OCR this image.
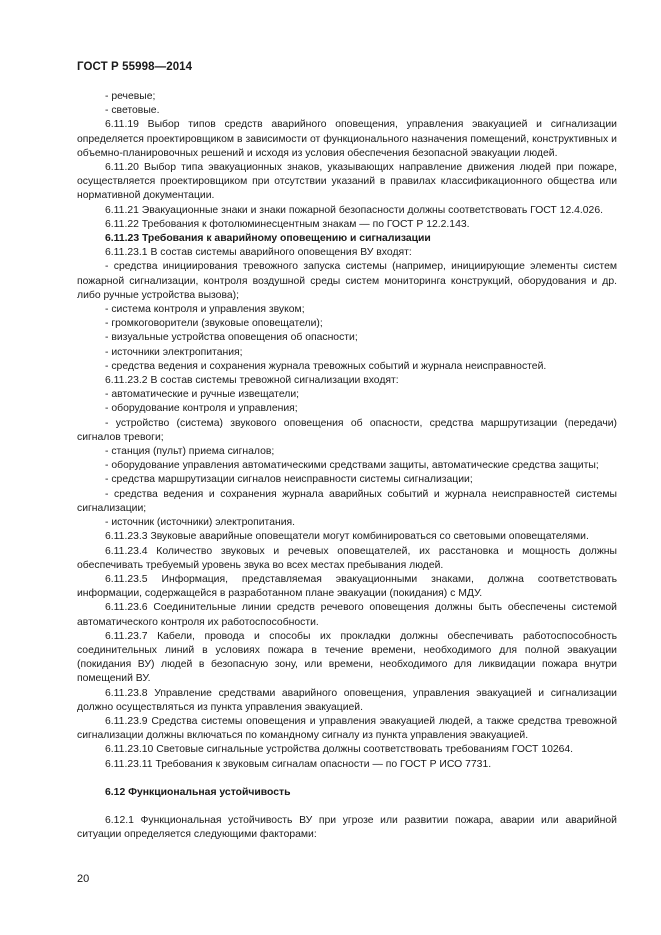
ГОСТ Р 55998—2014

- речевые;

- световые.

6.11.19 Выбор типов средств аварийного оповещения, управления эвакуацией и сигнализации определяется проектировщиком в зависимости от функционального назначения помещений, конструктивных и объемно-планировочных решений и исходя из условия обеспечения безопасной эвакуации людей.

6.11.20 Выбор типа эвакуационных знаков, указывающих направление движения людей при пожаре, осуществляется проектировщиком при отсутствии указаний в правилах классификационного общества или нормативной документации.

6.11.21 Эвакуационные знаки и знаки пожарной безопасности должны соответствовать ГОСТ 12.4.026.

6.11.22 Требования к фотолюминесцентным знакам — по ГОСТ Р 12.2.143.

6.11.23 Требования к аварийному оповещению и сигнализации

6.11.23.1 В состав системы аварийного оповещения ВУ входят:

- средства инициирования тревожного запуска системы (например, инициирующие элементы систем пожарной сигнализации, контроля воздушной среды систем мониторинга конструкций, оборудования и др. либо ручные устройства вызова);

- система контроля и управления звуком;

- громкоговорители (звуковые оповещатели);

- визуальные устройства оповещения об опасности;

- источники электропитания;

- средства ведения и сохранения журнала тревожных событий и журнала неисправностей.

6.11.23.2 В состав системы тревожной сигнализации входят:

- автоматические и ручные извещатели;

- оборудование контроля и управления;

- устройство (система) звукового оповещения об опасности, средства маршрутизации (передачи) сигналов тревоги;

- станция (пульт) приема сигналов;

- оборудование управления автоматическими средствами защиты, автоматические средства защиты;

- средства маршрутизации сигналов неисправности системы сигнализации;

- средства ведения и сохранения журнала аварийных событий и журнала неисправностей системы сигнализации;

- источник (источники) электропитания.

6.11.23.3 Звуковые аварийные оповещатели могут комбинироваться со световыми оповещателями.

6.11.23.4 Количество звуковых и речевых оповещателей, их расстановка и мощность должны обеспечивать требуемый уровень звука во всех местах пребывания людей.

6.11.23.5 Информация, представляемая эвакуационными знаками, должна соответствовать информации, содержащейся в разработанном плане эвакуации (покидания) с МДУ.

6.11.23.6 Соединительные линии средств речевого оповещения должны быть обеспечены системой автоматического контроля их работоспособности.

6.11.23.7 Кабели, провода и способы их прокладки должны обеспечивать работоспособность соединительных линий в условиях пожара в течение времени, необходимого для полной эвакуации (покидания ВУ) людей в безопасную зону, или времени, необходимого для ликвидации пожара внутри помещений ВУ.

6.11.23.8 Управление средствами аварийного оповещения, управления эвакуацией и сигнализации должно осуществляться из пункта управления эвакуацией.

6.11.23.9 Средства системы оповещения и управления эвакуацией людей, а также средства тревожной сигнализации должны включаться по командному сигналу из пункта управления эвакуацией.

6.11.23.10 Световые сигнальные устройства должны соответствовать требованиям ГОСТ 10264.

6.11.23.11 Требования к звуковым сигналам опасности — по ГОСТ Р ИСО 7731.

6.12 Функциональная устойчивость

6.12.1 Функциональная устойчивость ВУ при угрозе или развитии пожара, аварии или аварийной ситуации определяется следующими факторами:

20
